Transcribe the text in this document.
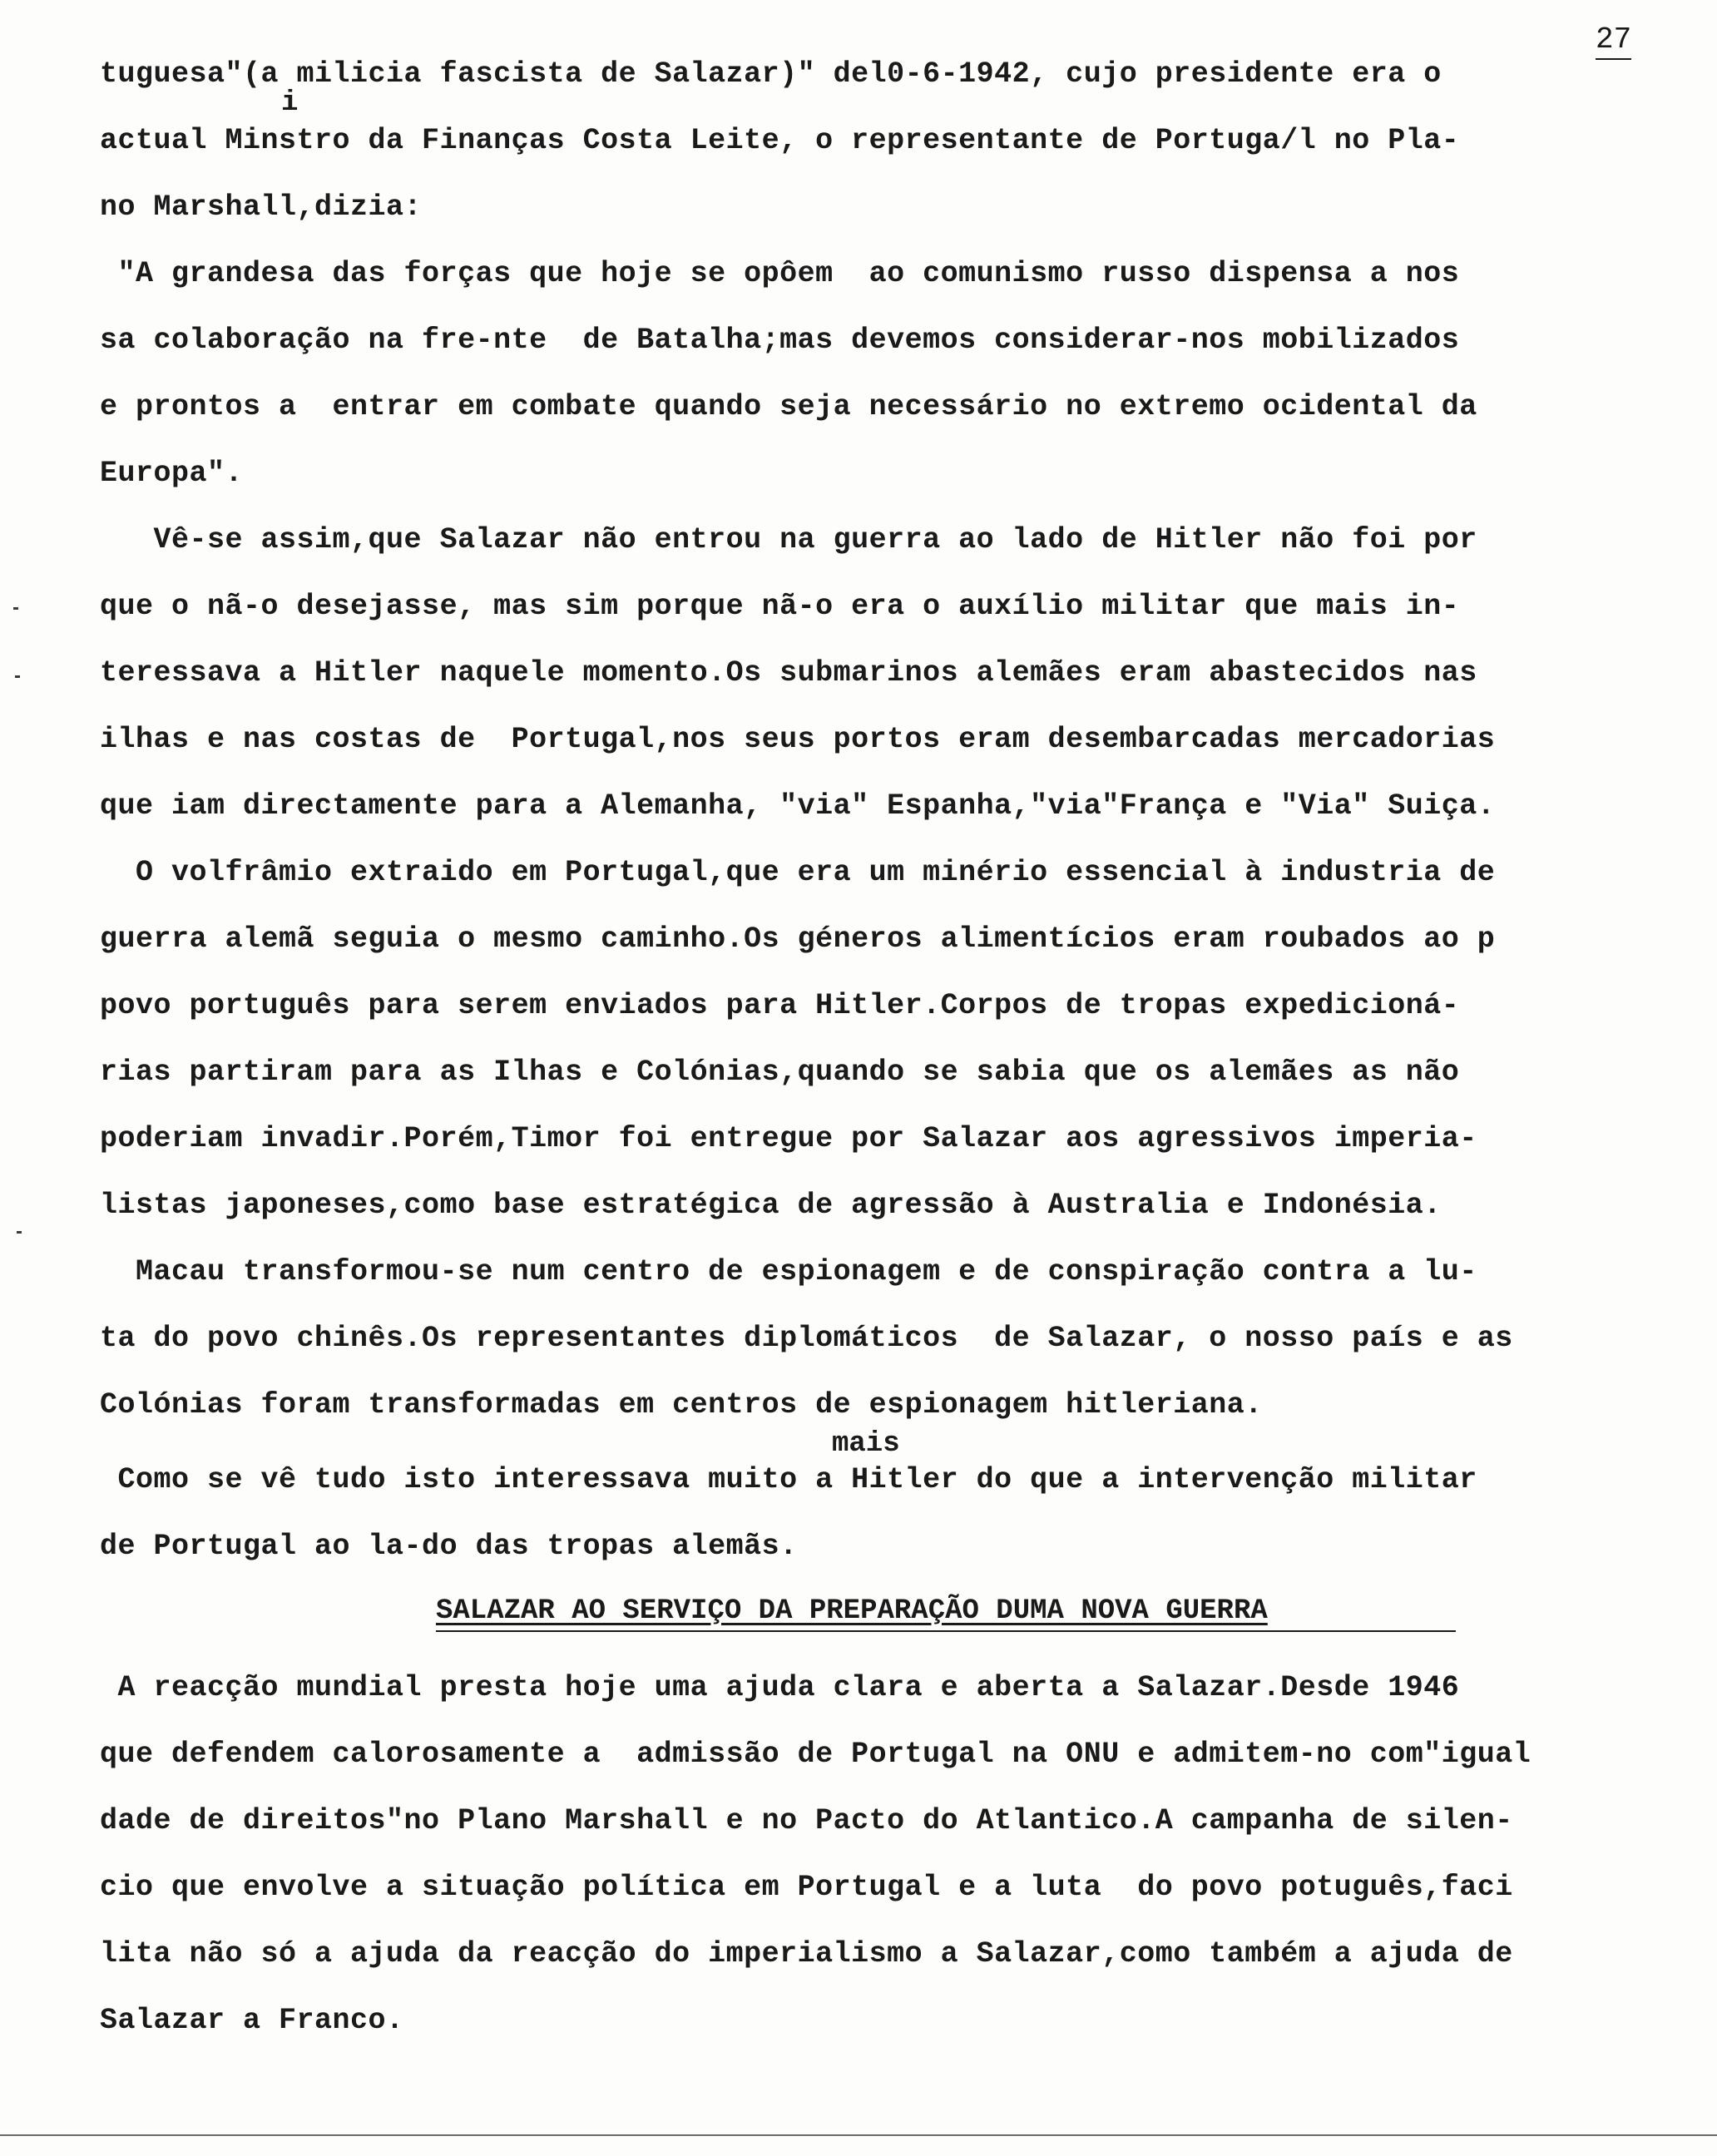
27
i
tuguesa"(a milicia fascista de Salazar)" del0-6-1942, cujo presidente era o
actual Minstro da Finanças Costa Leite, o representante de Portuga/l no Pla-
no Marshall,dizia:
"A grandesa das forças que hoje se opôem  ao comunismo russo dispensa a nos
sa colaboração na fre-nte  de Batalha;mas devemos considerar-nos mobilizados
e prontos a  entrar em combate quando seja necessário no extremo ocidental da
Europa".
Vê-se assim,que Salazar não entrou na guerra ao lado de Hitler não foi por
que o nã-o desejasse, mas sim porque nã-o era o auxílio militar que mais in-
teressava a Hitler naquele momento.Os submarinos alemães eram abastecidos nas
ilhas e nas costas de  Portugal,nos seus portos eram desembarcadas mercadorias
que iam directamente para a Alemanha, "via" Espanha,"via"França e "Via" Suiça.
O volfrâmio extraido em Portugal,que era um minério essencial à industria de
guerra alemã seguia o mesmo caminho.Os géneros alimentícios eram roubados ao p
povo português para serem enviados para Hitler.Corpos de tropas expedicioná-
rias partiram para as Ilhas e Colónias,quando se sabia que os alemães as não
poderiam invadir.Porém,Timor foi entregue por Salazar aos agressivos imperia-
listas japoneses,como base estratégica de agressão à Australia e Indonésia.
Macau transformou-se num centro de espionagem e de conspiração contra a lu-
ta do povo chinês.Os representantes diplomáticos  de Salazar, o nosso país e as
Colónias foram transformadas em centros de espionagem hitleriana.
mais
Como se vê tudo isto interessava muito a Hitler do que a intervenção militar
de Portugal ao la-do das tropas alemãs.
SALAZAR AO SERVIÇO DA PREPARAÇÃO DUMA NOVA GUERRA
A reacção mundial presta hoje uma ajuda clara e aberta a Salazar.Desde 1946
que defendem calorosamente a  admissão de Portugal na ONU e admitem-no com"igual
dade de direitos"no Plano Marshall e no Pacto do Atlantico.A campanha de silen-
cio que envolve a situação política em Portugal e a luta  do povo potuguês,faci
lita não só a ajuda da reacção do imperialismo a Salazar,como também a ajuda de
Salazar a Franco.
